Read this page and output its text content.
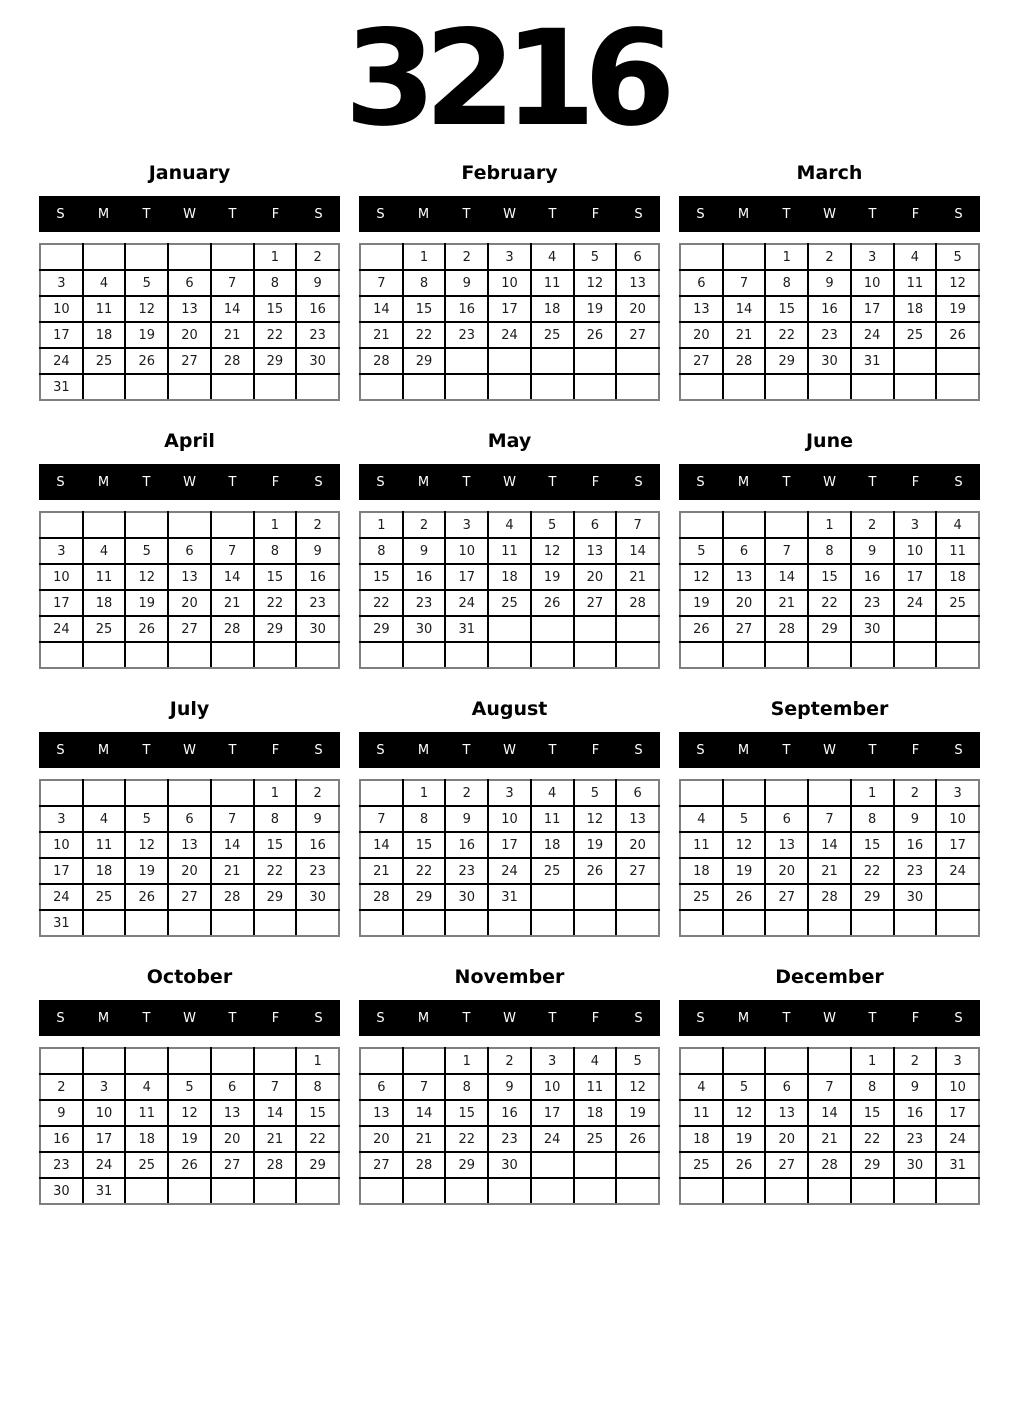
3216
January
S	M	T	W	T	F	S
					1	2
3	4	5	6	7	8	9
10	11	12	13	14	15	16
17	18	19	20	21	22	23
24	25	26	27	28	29	30
31						
February
S	M	T	W	T	F	S
	1	2	3	4	5	6
7	8	9	10	11	12	13
14	15	16	17	18	19	20
21	22	23	24	25	26	27
28	29					

March
S	M	T	W	T	F	S
		1	2	3	4	5
6	7	8	9	10	11	12
13	14	15	16	17	18	19
20	21	22	23	24	25	26
27	28	29	30	31		

April
S	M	T	W	T	F	S
					1	2
3	4	5	6	7	8	9
10	11	12	13	14	15	16
17	18	19	20	21	22	23
24	25	26	27	28	29	30

May
S	M	T	W	T	F	S
1	2	3	4	5	6	7
8	9	10	11	12	13	14
15	16	17	18	19	20	21
22	23	24	25	26	27	28
29	30	31				

June
S	M	T	W	T	F	S
			1	2	3	4
5	6	7	8	9	10	11
12	13	14	15	16	17	18
19	20	21	22	23	24	25
26	27	28	29	30		

July
S	M	T	W	T	F	S
					1	2
3	4	5	6	7	8	9
10	11	12	13	14	15	16
17	18	19	20	21	22	23
24	25	26	27	28	29	30
31						
August
S	M	T	W	T	F	S
	1	2	3	4	5	6
7	8	9	10	11	12	13
14	15	16	17	18	19	20
21	22	23	24	25	26	27
28	29	30	31			

September
S	M	T	W	T	F	S
				1	2	3
4	5	6	7	8	9	10
11	12	13	14	15	16	17
18	19	20	21	22	23	24
25	26	27	28	29	30	

October
S	M	T	W	T	F	S
						1
2	3	4	5	6	7	8
9	10	11	12	13	14	15
16	17	18	19	20	21	22
23	24	25	26	27	28	29
30	31					
November
S	M	T	W	T	F	S
		1	2	3	4	5
6	7	8	9	10	11	12
13	14	15	16	17	18	19
20	21	22	23	24	25	26
27	28	29	30			

December
S	M	T	W	T	F	S
				1	2	3
4	5	6	7	8	9	10
11	12	13	14	15	16	17
18	19	20	21	22	23	24
25	26	27	28	29	30	31
